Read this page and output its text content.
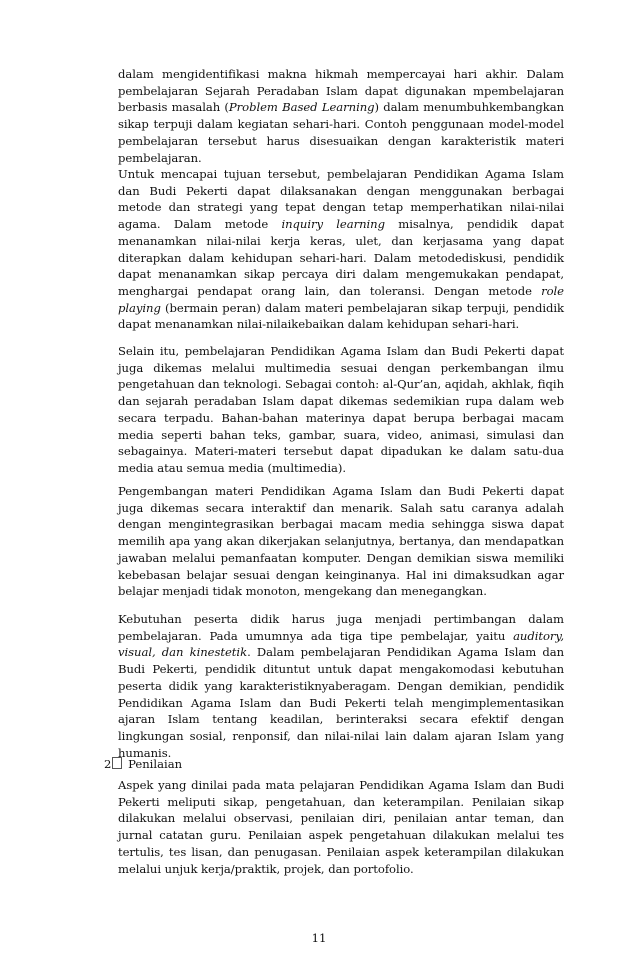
dalam mengidentifikasi makna hikmah mempercayai hari akhir. Dalam pembelajaran Sejarah Peradaban Islam dapat digunakan mpembelajaran berbasis masalah (Problem Based Learning) dalam menumbuhkembangkan sikap terpuji dalam kegiatan sehari-hari. Contoh penggunaan model-model pembelajaran tersebut harus disesuaikan dengan karakteristik materi pembelajaran.

Untuk mencapai tujuan tersebut, pembelajaran Pendidikan Agama Islam dan Budi Pekerti dapat dilaksanakan dengan menggunakan berbagai metode dan strategi yang tepat dengan tetap memperhatikan nilai-nilai agama. Dalam metode inquiry learning misalnya, pendidik dapat menanamkan nilai-nilai kerja keras, ulet, dan kerjasama yang dapat diterapkan dalam kehidupan sehari-hari. Dalam metodediskusi, pendidik dapat menanamkan sikap percaya diri dalam mengemukakan pendapat, menghargai pendapat orang lain, dan toleransi. Dengan metode role playing (bermain peran) dalam materi pembelajaran sikap terpuji, pendidik dapat menanamkan nilai-nilaikebaikan dalam kehidupan sehari-hari.

Selain itu, pembelajaran Pendidikan Agama Islam dan Budi Pekerti dapat juga dikemas melalui multimedia sesuai dengan perkembangan ilmu pengetahuan dan teknologi. Sebagai contoh: al-Qur’an, aqidah, akhlak, fiqih dan sejarah peradaban Islam dapat dikemas sedemikian rupa dalam web secara terpadu. Bahan-bahan materinya dapat berupa berbagai macam media seperti bahan teks, gambar, suara, video, animasi, simulasi dan sebagainya. Materi-materi tersebut dapat dipadukan ke dalam satu-dua media atau semua media (multimedia).

Pengembangan materi Pendidikan Agama Islam dan Budi Pekerti dapat juga dikemas secara interaktif dan menarik. Salah satu caranya adalah dengan mengintegrasikan berbagai macam media sehingga siswa dapat memilih apa yang akan dikerjakan selanjutnya, bertanya, dan mendapatkan jawaban melalui pemanfaatan komputer. Dengan demikian siswa memiliki kebebasan belajar sesuai dengan keinginanya. Hal ini dimaksudkan agar belajar menjadi tidak monoton, mengekang dan menegangkan.

Kebutuhan peserta didik harus juga menjadi pertimbangan dalam pembelajaran. Pada umumnya ada tiga tipe pembelajar, yaitu auditory, visual, dan kinestetik. Dalam pembelajaran Pendidikan Agama Islam dan Budi Pekerti, pendidik dituntut untuk dapat mengakomodasi kebutuhan peserta didik yang karakteristiknyaberagam. Dengan demikian, pendidik Pendidikan Agama Islam dan Budi Pekerti telah mengimplementasikan ajaran Islam tentang keadilan, berinteraksi secara efektif dengan lingkungan sosial, renponsif, dan nilai-nilai lain dalam ajaran Islam yang humanis.

2 Penilaian

Aspek yang dinilai pada mata pelajaran Pendidikan Agama Islam dan Budi Pekerti meliputi sikap, pengetahuan, dan keterampilan. Penilaian sikap dilakukan melalui observasi, penilaian diri, penilaian antar teman, dan jurnal catatan guru. Penilaian aspek pengetahuan dilakukan melalui tes tertulis, tes lisan, dan penugasan. Penilaian aspek keterampilan dilakukan melalui unjuk kerja/praktik, projek, dan portofolio.

11
